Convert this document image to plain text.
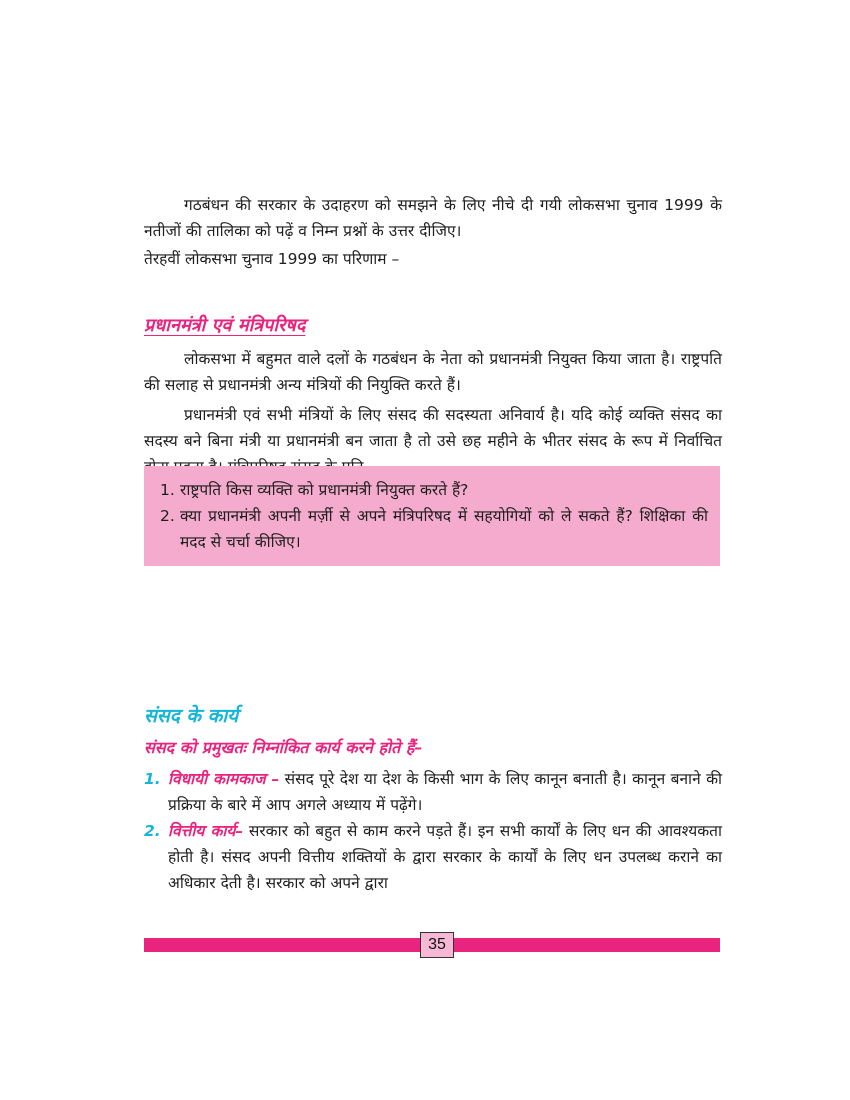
गठबंधन की सरकार के उदाहरण को समझने के लिए नीचे दी गयी लोकसभा चुनाव 1999 के नतीजों की तालिका को पढ़ें व निम्न प्रश्नों के उत्तर दीजिए।

तेरहवीं लोकसभा चुनाव 1999 का परिणाम –

प्रधानमंत्री एवं मंत्रिपरिषद

लोकसभा में बहुमत वाले दलों के गठबंधन के नेता को प्रधानमंत्री नियुक्त किया जाता है। राष्ट्रपति की सलाह से प्रधानमंत्री अन्य मंत्रियों की नियुक्ति करते हैं।

प्रधानमंत्री एवं सभी मंत्रियों के लिए संसद की सदस्यता अनिवार्य है। यदि कोई व्यक्ति संसद का सदस्य बने बिना मंत्री या प्रधानमंत्री बन जाता है तो उसे छह महीने के भीतर संसद के रूप में निर्वाचित

1. राष्ट्रपति किस व्यक्ति को प्रधानमंत्री नियुक्त करते हैं?
2. क्या प्रधानमंत्री अपनी मर्ज़ी से अपने मंत्रिपरिषद में सहयोगियों को ले सकते हैं? शिक्षिका की मदद से चर्चा कीजिए।
संसद के कार्य
संसद को प्रमुखतः निम्नांकित कार्य करने होते हैं–

1. विधायी कामकाज – संसद पूरे देश या देश के किसी भाग के लिए कानून बनाती है। कानून बनाने की प्रक्रिया के बारे में आप अगले अध्याय में पढ़ेंगे।

2. वित्तीय कार्य– सरकार को बहुत से काम करने पड़ते हैं। इन सभी कार्यों के लिए धन की आवश्यकता होती है। संसद अपनी वित्तीय शक्तियों के द्वारा सरकार के कार्यों के लिए धन उपलब्ध कराने का अधिकार देती है। सरकार को अपने द्वारा

35
